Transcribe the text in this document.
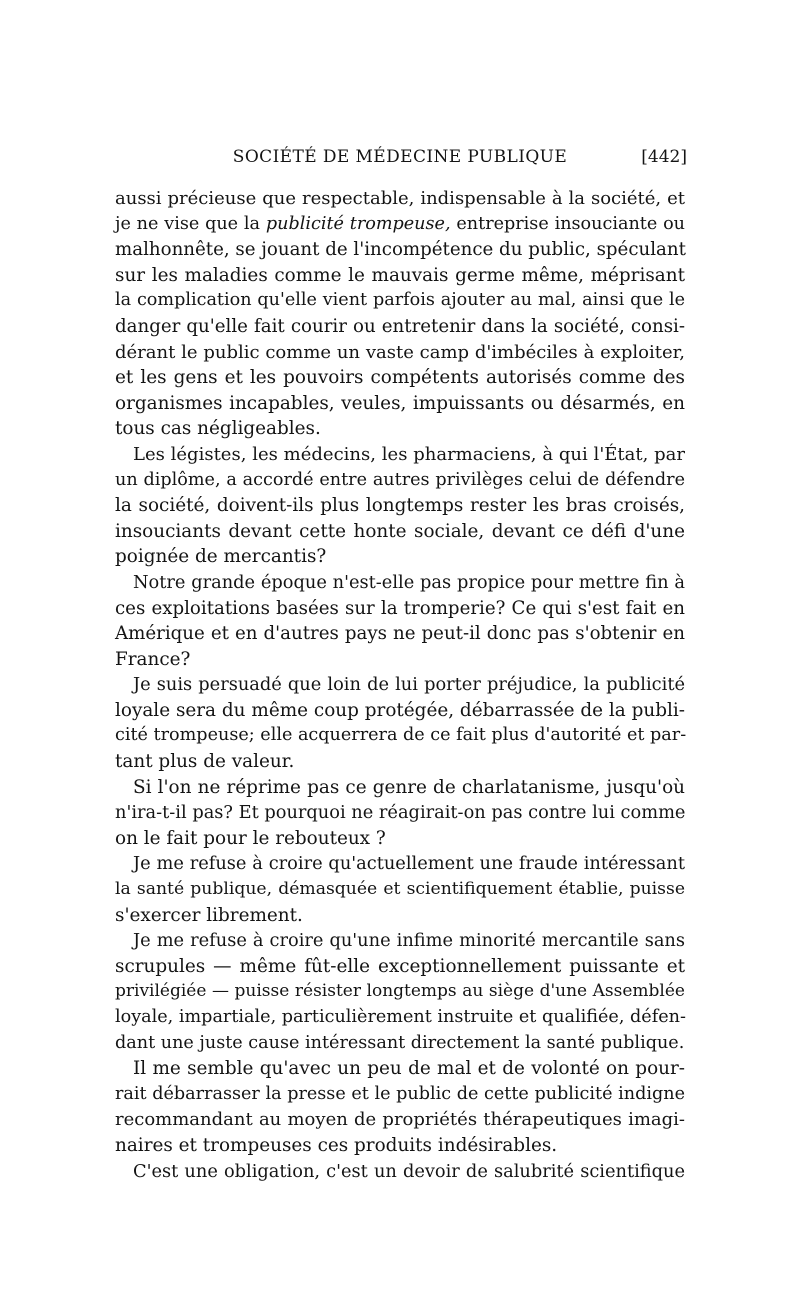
SOCIÉTÉ DE MÉDECINE PUBLIQUE	[442]
aussi précieuse que respectable, indispensable à la société, et
je ne vise que la publicité trompeuse, entreprise insouciante ou
malhonnête, se jouant de l'incompétence du public, spéculant
sur les maladies comme le mauvais germe même, méprisant
la complication qu'elle vient parfois ajouter au mal, ainsi que le
danger qu'elle fait courir ou entretenir dans la société, consi-
dérant le public comme un vaste camp d'imbéciles à exploiter,
et les gens et les pouvoirs compétents autorisés comme des
organismes incapables, veules, impuissants ou désarmés, en
tous cas négligeables.
Les légistes, les médecins, les pharmaciens, à qui l'État, par
un diplôme, a accordé entre autres privilèges celui de défendre
la société, doivent-ils plus longtemps rester les bras croisés,
insouciants devant cette honte sociale, devant ce défi d'une
poignée de mercantis?
Notre grande époque n'est-elle pas propice pour mettre fin à
ces exploitations basées sur la tromperie? Ce qui s'est fait en
Amérique et en d'autres pays ne peut-il donc pas s'obtenir en
France?
Je suis persuadé que loin de lui porter préjudice, la publicité
loyale sera du même coup protégée, débarrassée de la publi-
cité trompeuse; elle acquerrera de ce fait plus d'autorité et par-
tant plus de valeur.
Si l'on ne réprime pas ce genre de charlatanisme, jusqu'où
n'ira-t-il pas? Et pourquoi ne réagirait-on pas contre lui comme
on le fait pour le rebouteux ?
Je me refuse à croire qu'actuellement une fraude intéressant
la santé publique, démasquée et scientifiquement établie, puisse
s'exercer librement.
Je me refuse à croire qu'une infime minorité mercantile sans
scrupules — même fût-elle exceptionnellement puissante et
privilégiée — puisse résister longtemps au siège d'une Assemblée
loyale, impartiale, particulièrement instruite et qualifiée, défen-
dant une juste cause intéressant directement la santé publique.
Il me semble qu'avec un peu de mal et de volonté on pour-
rait débarrasser la presse et le public de cette publicité indigne
recommandant au moyen de propriétés thérapeutiques imagi-
naires et trompeuses ces produits indésirables.
C'est une obligation, c'est un devoir de salubrité scientifique
